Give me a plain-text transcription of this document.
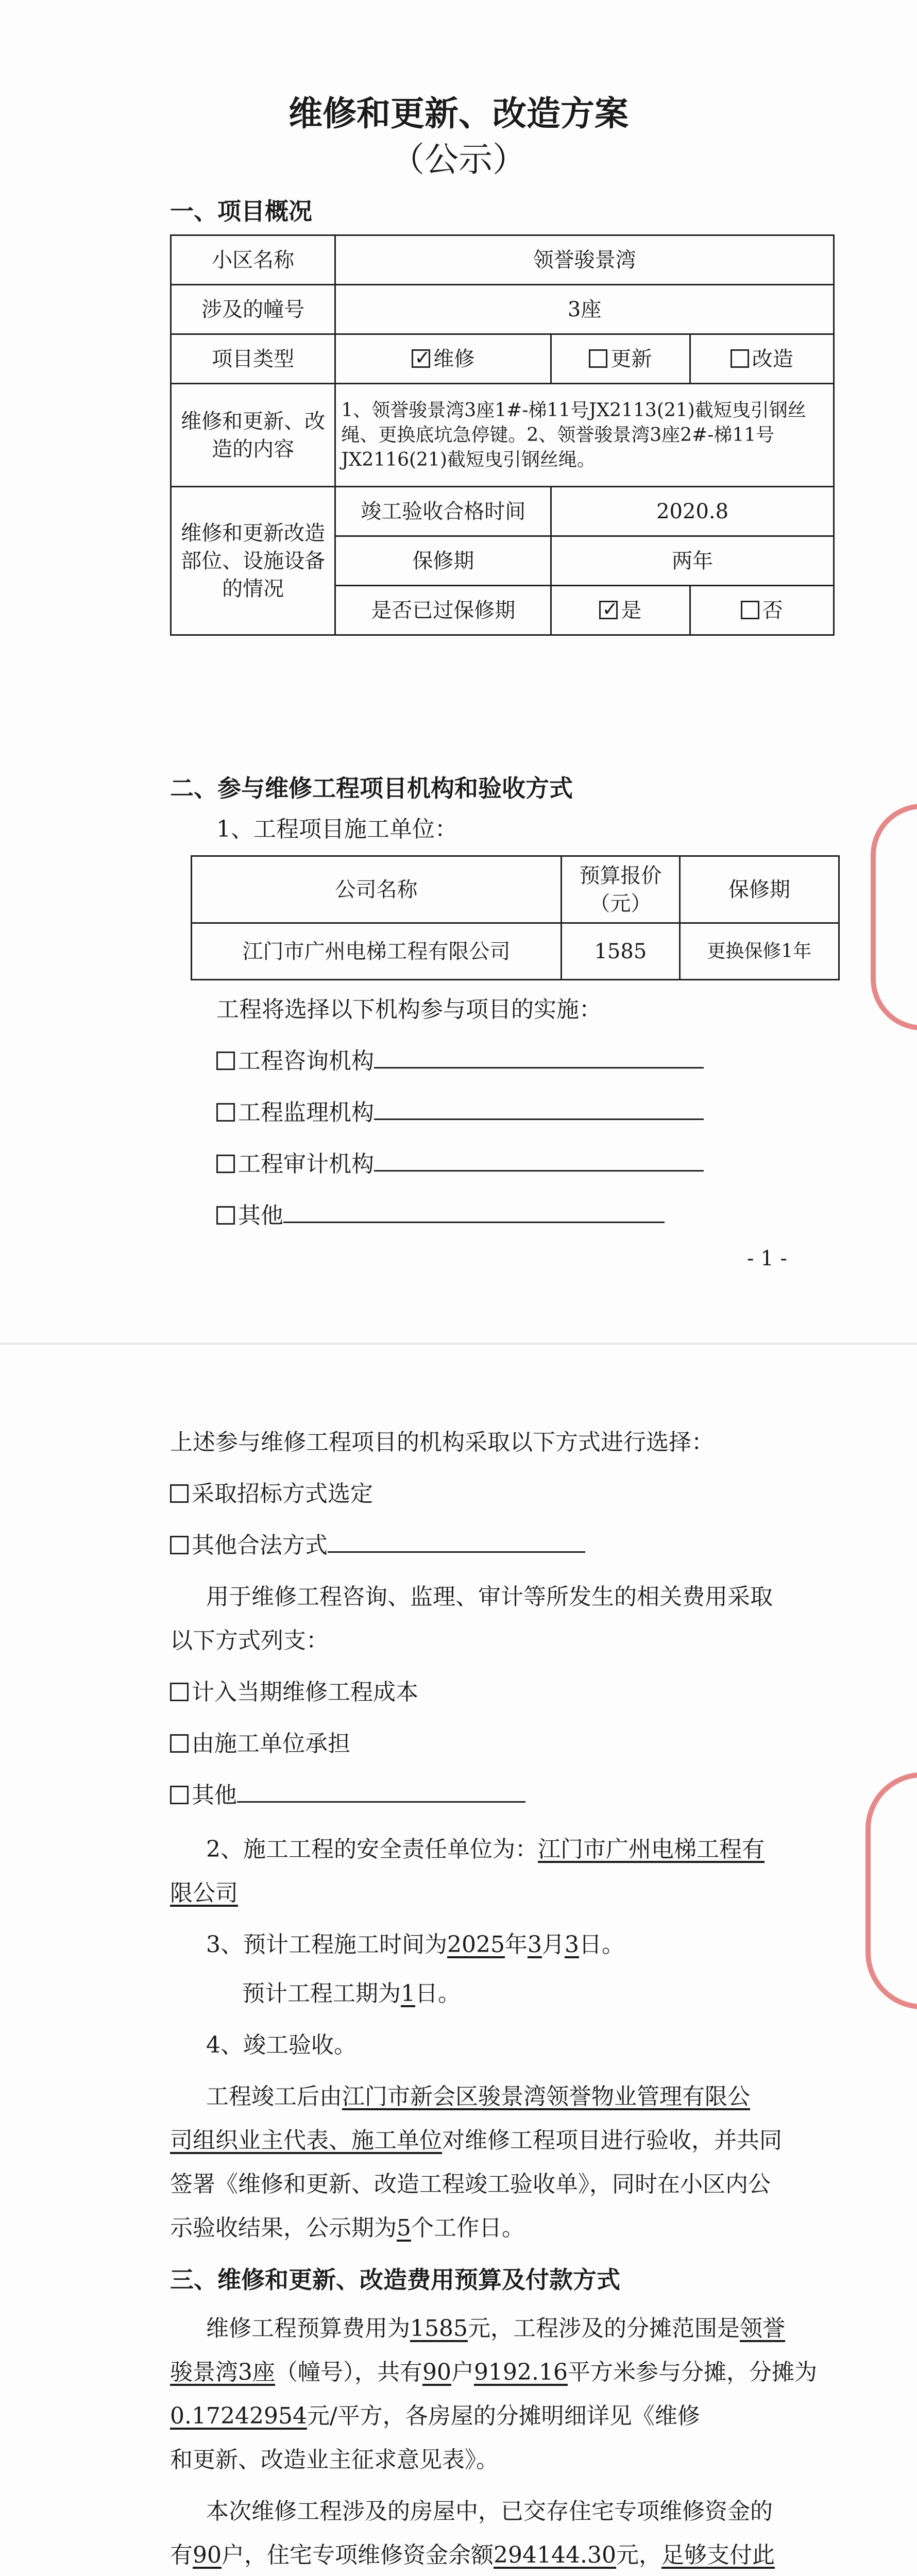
维修和更新、改造方案
（公示）
一、项目概况
小区名称	领誉骏景湾		
涉及的幢号	3座		
项目类型	✓维修	更新	改造
维修和更新、改造的内容	1、领誉骏景湾3座1#-梯11号JX2113(21)截短曳引钢丝绳、更换底坑急停键。2、领誉骏景湾3座2#-梯11号JX2116(21)截短曳引钢丝绳。		
维修和更新改造部位、设施设备的情况	竣工验收合格时间	2020.8	
	保修期	两年	
	是否已过保修期	✓是	否
二、参与维修工程项目机构和验收方式
1、工程项目施工单位：
公司名称	预算报价（元）	保修期
江门市广州电梯工程有限公司	1585	更换保修1年
工程将选择以下机构参与项目的实施：
工程咨询机构
工程监理机构
工程审计机构
其他
- 1 -
上述参与维修工程项目的机构采取以下方式进行选择：
采取招标方式选定
其他合法方式
用于维修工程咨询、监理、审计等所发生的相关费用采取
以下方式列支：
计入当期维修工程成本
由施工单位承担
其他
2、施工工程的安全责任单位为：江门市广州电梯工程有
限公司
3、预计工程施工时间为2025年3月3日。
预计工程工期为1日。
4、竣工验收。
工程竣工后由江门市新会区骏景湾领誉物业管理有限公
司组织业主代表、施工单位对维修工程项目进行验收，并共同
签署《维修和更新、改造工程竣工验收单》，同时在小区内公
示验收结果，公示期为5个工作日。
三、维修和更新、改造费用预算及付款方式
维修工程预算费用为1585元，工程涉及的分摊范围是领誉
骏景湾3座（幢号），共有90户9192.16平方米参与分摊，分摊为
0.17242954元/平方，各房屋的分摊明细详见《维修
和更新、改造业主征求意见表》。
本次维修工程涉及的房屋中，已交存住宅专项维修资金的
有90户，住宅专项维修资金余额294144.30元，足够支付此
